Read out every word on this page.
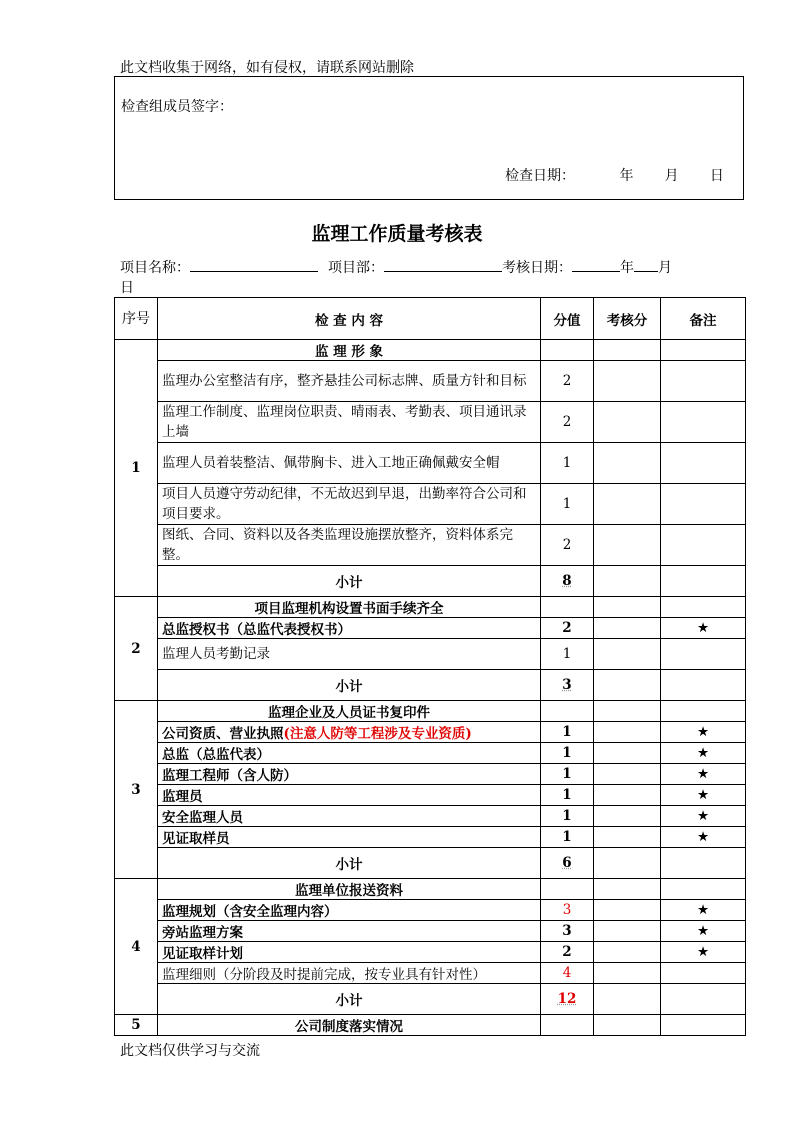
此文档收集于网络，如有侵权，请联系网站删除
检查组成员签字：
检查日期：	年 月 日
监理工作质量考核表
项目名称：	项目部：	考核日期：	年 月
日
序号	检 查 内 容	分值	考核分	备注
1	监 理 形 象			
	监理办公室整洁有序，整齐悬挂公司标志牌、质量方针和目标	2		
	监理工作制度、监理岗位职责、晴雨表、考勤表、项目通讯录上墙	2		
	监理人员着装整洁、佩带胸卡、进入工地正确佩戴安全帽	1		
	项目人员遵守劳动纪律，不无故迟到早退，出勤率符合公司和项目要求。	1		
	图纸、合同、资料以及各类监理设施摆放整齐，资料体系完整。	2		
	小计	8		
2	项目监理机构设置书面手续齐全			
	总监授权书（总监代表授权书）	2		★
	监理人员考勤记录	1		
	小计	3		
3	监理企业及人员证书复印件			
	公司资质、营业执照(注意人防等工程涉及专业资质)	1		★
	总监（总监代表）	1		★
	监理工程师（含人防）	1		★
	监理员	1		★
	安全监理人员	1		★
	见证取样员	1		★
	小计	6		
4	监理单位报送资料			
	监理规划（含安全监理内容）	3		★
	旁站监理方案	3		★
	见证取样计划	2		★
	监理细则（分阶段及时提前完成，按专业具有针对性）	4		
	小计	12		
5	公司制度落实情况			
此文档仅供学习与交流
